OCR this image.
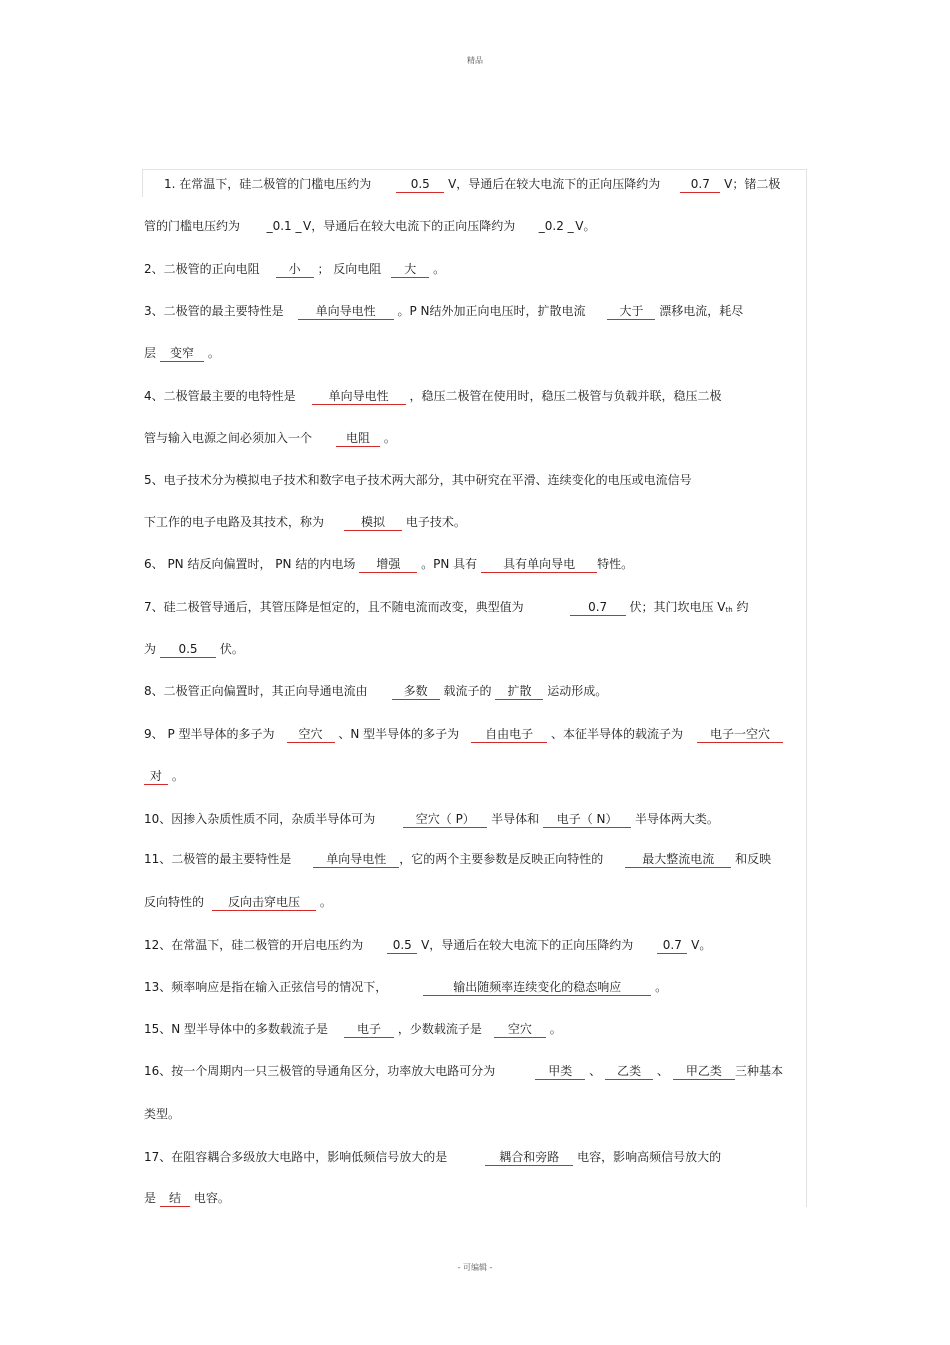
精品
1. 在常温下，硅二极管的门槛电压约为	0.5 V，导通后在较大电流下的正向压降约为	0.7 V；锗二极
管的门槛电压约为 _0.1 _ V，导通后在较大电流下的正向压降约为 _0.2 _ V。
2、二极管的正向电阻 小 ； 反向电阻 大 。
3、二极管的最主要特性是	单向导电性 。P N结外加正向电压时，扩散电流	大于 漂移电流，耗尽
层 变窄 。
4、二极管最主要的电特性是	单向导电性 ，稳压二极管在使用时，稳压二极管与负载并联，稳压二极
管与输入电源之间必须加入一个	电阻 。
5、电子技术分为模拟电子技术和数字电子技术两大部分，其中研究在平滑、连续变化的电压或电流信号
下工作的电子电路及其技术，称为	模拟 电子技术。
6、 PN 结反向偏置时， PN 结的内电场 增强 。PN 具有 具有单向导电 特性。
7、硅二极管导通后，其管压降是恒定的，且不随电流而改变，典型值为	0.7 伏；其门坎电压 $V_{th}$ 约
为 0.5 伏。
8、二极管正向偏置时，其正向导通电流由	多数 载流子的 扩散 运动形成。
9、 P 型半导体的多子为 空穴 、N 型半导体的多子为 自由电子 、本征半导体的载流子为 电子一空穴
对 。
10、因掺入杂质性质不同，杂质半导体可为	空穴（ P） 半导体和 电子（ N） 半导体两大类。
11、二极管的最主要特性是	单向导电性 ，它的两个主要参数是反映正向特性的	最大整流电流 和反映
反向特性的 反向击穿电压 。
12、在常温下，硅二极管的开启电压约为 0.5 V，导通后在较大电流下的正向压降约为 0.7 V。
13、频率响应是指在输入正弦信号的情况下，	输出随频率连续变化的稳态响应	。
15、N 型半导体中的多数载流子是 电子 ，少数载流子是 空穴 。
16、按一个周期内一只三极管的导通角区分，功率放大电路可分为	甲类 、 乙类 、 甲乙类 三种基本
类型。
17、在阻容耦合多级放大电路中，影响低频信号放大的是	耦合和旁路 电容，影响高频信号放大的
是 结 电容。
- 可编辑 -
